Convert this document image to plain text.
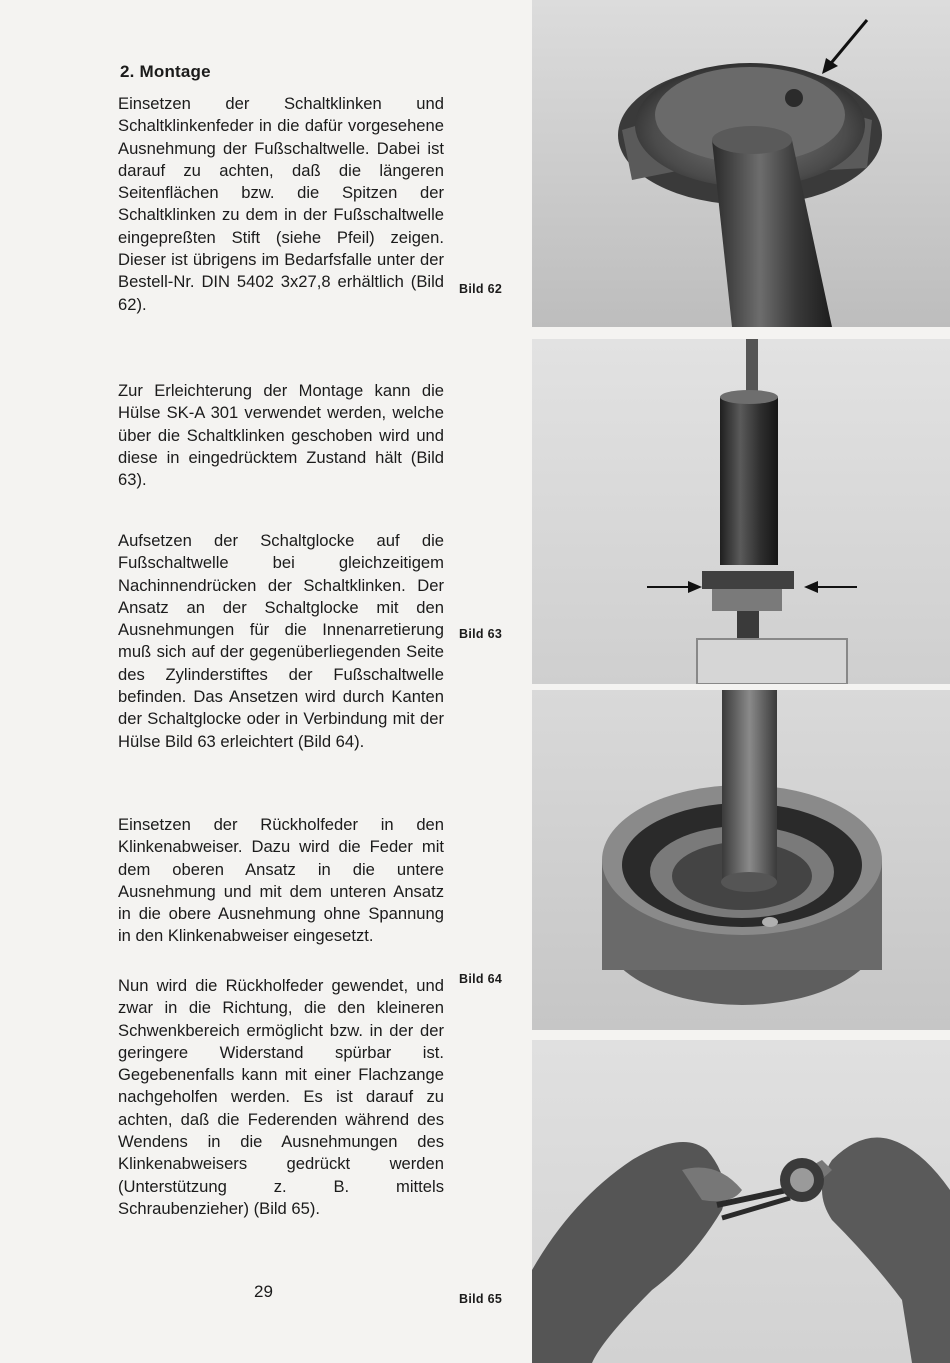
2. Montage
Einsetzen der Schaltklinken und Schaltklinkenfeder in die dafür vorgesehene Ausnehmung der Fußschaltwelle. Dabei ist darauf zu achten, daß die längeren Seitenflächen bzw. die Spitzen der Schaltklinken zu dem in der Fußschaltwelle eingepreßten Stift (siehe Pfeil) zeigen. Dieser ist übrigens im Bedarfsfalle unter der Bestell-Nr. DIN 5402 3x27,8 erhältlich (Bild 62).
Zur Erleichterung der Montage kann die Hülse SK-A 301 verwendet werden, welche über die Schaltklinken geschoben wird und diese in eingedrücktem Zustand hält (Bild 63).
Aufsetzen der Schaltglocke auf die Fußschaltwelle bei gleichzeitigem Nachinnendrücken der Schaltklinken. Der Ansatz an der Schaltglocke mit den Ausnehmungen für die Innenarretierung muß sich auf der gegenüberliegenden Seite des Zylinderstiftes der Fußschaltwelle befinden. Das Ansetzen wird durch Kanten der Schaltglocke oder in Verbindung mit der Hülse Bild 63 erleichtert (Bild 64).
Einsetzen der Rückholfeder in den Klinkenabweiser. Dazu wird die Feder mit dem oberen Ansatz in die untere Ausnehmung und mit dem unteren Ansatz in die obere Ausnehmung ohne Spannung in den Klinkenabweiser eingesetzt.
Nun wird die Rückholfeder gewendet, und zwar in die Richtung, die den kleineren Schwenkbereich ermöglicht bzw. in der der geringere Widerstand spürbar ist. Gegebenenfalls kann mit einer Flachzange nachgeholfen werden. Es ist darauf zu achten, daß die Federenden während des Wendens in die Ausnehmungen des Klinkenabweisers gedrückt werden (Unterstützung z. B. mittels Schraubenzieher) (Bild 65).
Bild 62
Bild 63
Bild 64
Bild 65
29
